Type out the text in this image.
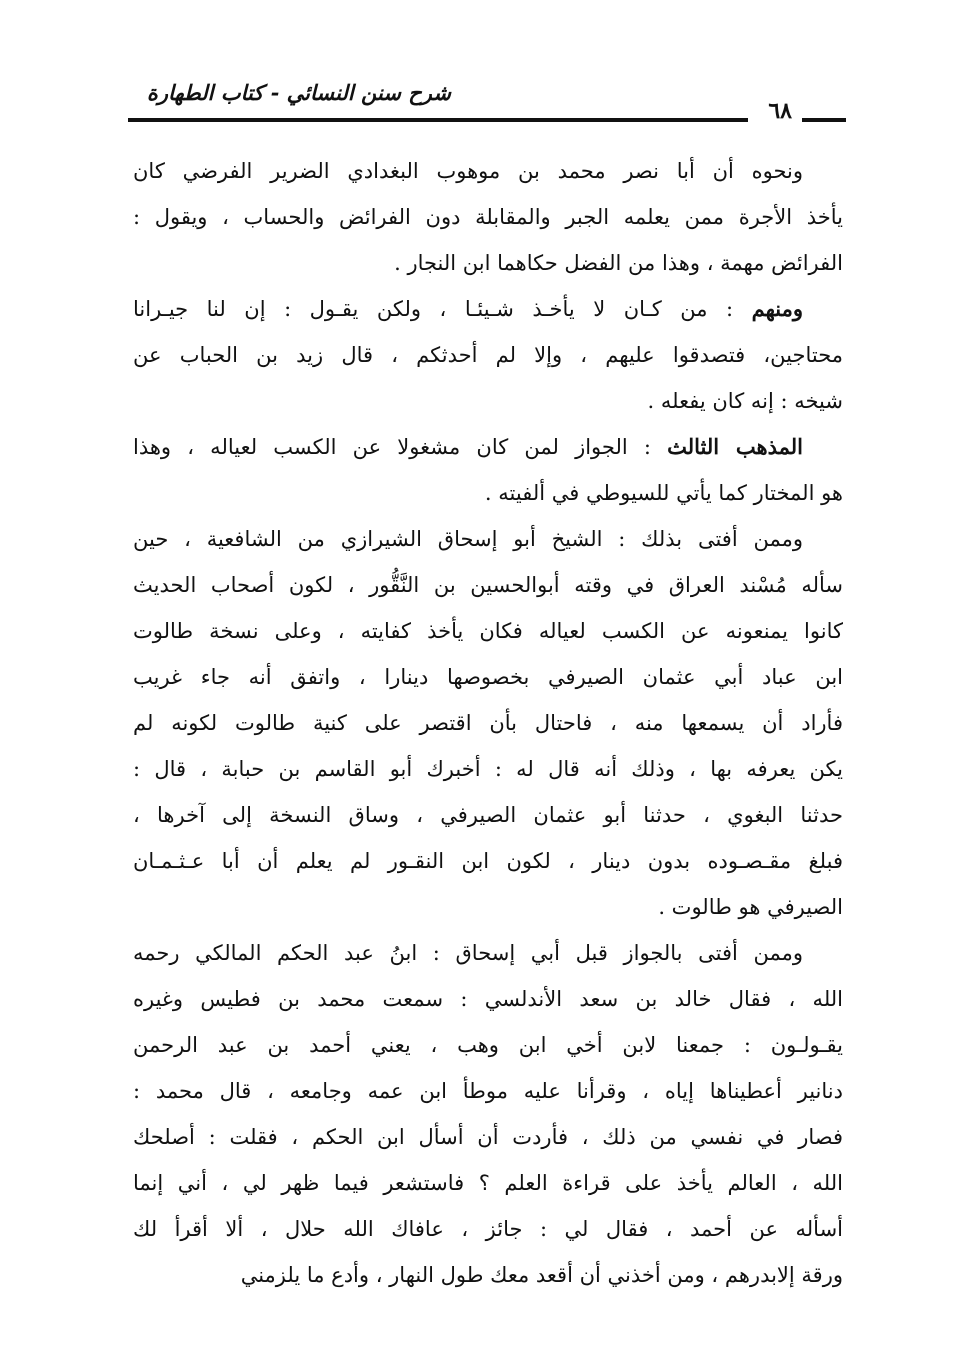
شرح سنن النسائي - كتاب الطهارة
٦٨
ونحوه أن أبا نصر محمد بن موهوب البغدادي الضرير الفرضي كان
يأخذ الأجرة ممن يعلمه الجبر والمقابلة دون الفرائض والحساب ، ويقول :
الفرائض مهمة ، وهذا من الفضل حكاهما ابن النجار .
ومنهم : من كـان لا يأخـذ شـيئـا ، ولكن يقـول : إن لنا جيـرانا
محتاجين، فتصدقوا عليهم ، وإلا لم أحدثكم ، قال زيد بن الحباب عن
شيخه : إنه كان يفعله .
المذهب الثالث : الجواز لمن كان مشغولا عن الكسب لعياله ، وهذا
هو المختار كما يأتي للسيوطي في ألفيته .
وممن أفتى بذلك : الشيخ أبو إسحاق الشيرازي من الشافعية ، حين
سأله مُسْند العراق في وقته أبوالحسين بن النَّقُّور ، لكون أصحاب الحديث
كانوا يمنعونه عن الكسب لعياله فكان يأخذ كفايته ، وعلى نسخة طالوت
ابن عباد أبي عثمان الصيرفي بخصوصها دينارا ، واتفق أنه جاء غريب
فأراد أن يسمعها منه ، فاحتال بأن اقتصر على كنية طالوت لكونه لم
يكن يعرفه بها ، وذلك أنه قال له : أخبرك أبو القاسم بن حبابة ، قال :
حدثنا البغوي ، حدثنا أبو عثمان الصيرفي ، وساق النسخة إلى آخرها ،
فبلغ مقـصـوده بدون دينار ، لكون ابن النقـور لم يعلم أن أبا عـثـمـان
الصيرفي هو طالوت .
وممن أفتى بالجواز قبل أبي إسحاق : ابنُ عبد الحكم المالكي رحمه
الله ، فقال خالد بن سعد الأندلسي : سمعت محمد بن فطيس وغيره
يقـولـون : جمعنا لابن أخي ابن وهب ، يعني أحمد بن عبد الرحمن
دنانير أعطيناها إياه ، وقرأنا عليه موطأ ابن عمه وجامعه ، قال محمد :
فصار في نفسي من ذلك ، فأردت أن أسأل ابن الحكم ، فقلت : أصلحك
الله ، العالم يأخذ على قراءة العلم ؟ فاستشعر فيما ظهر لي ، أني إنما
أسأله عن أحمد ، فقال لي : جائز ، عافاك الله حلال ، ألا أقرأ لك
ورقة إلابدرهم ، ومن أخذني أن أقعد معك طول النهار ، وأدع ما يلزمني
